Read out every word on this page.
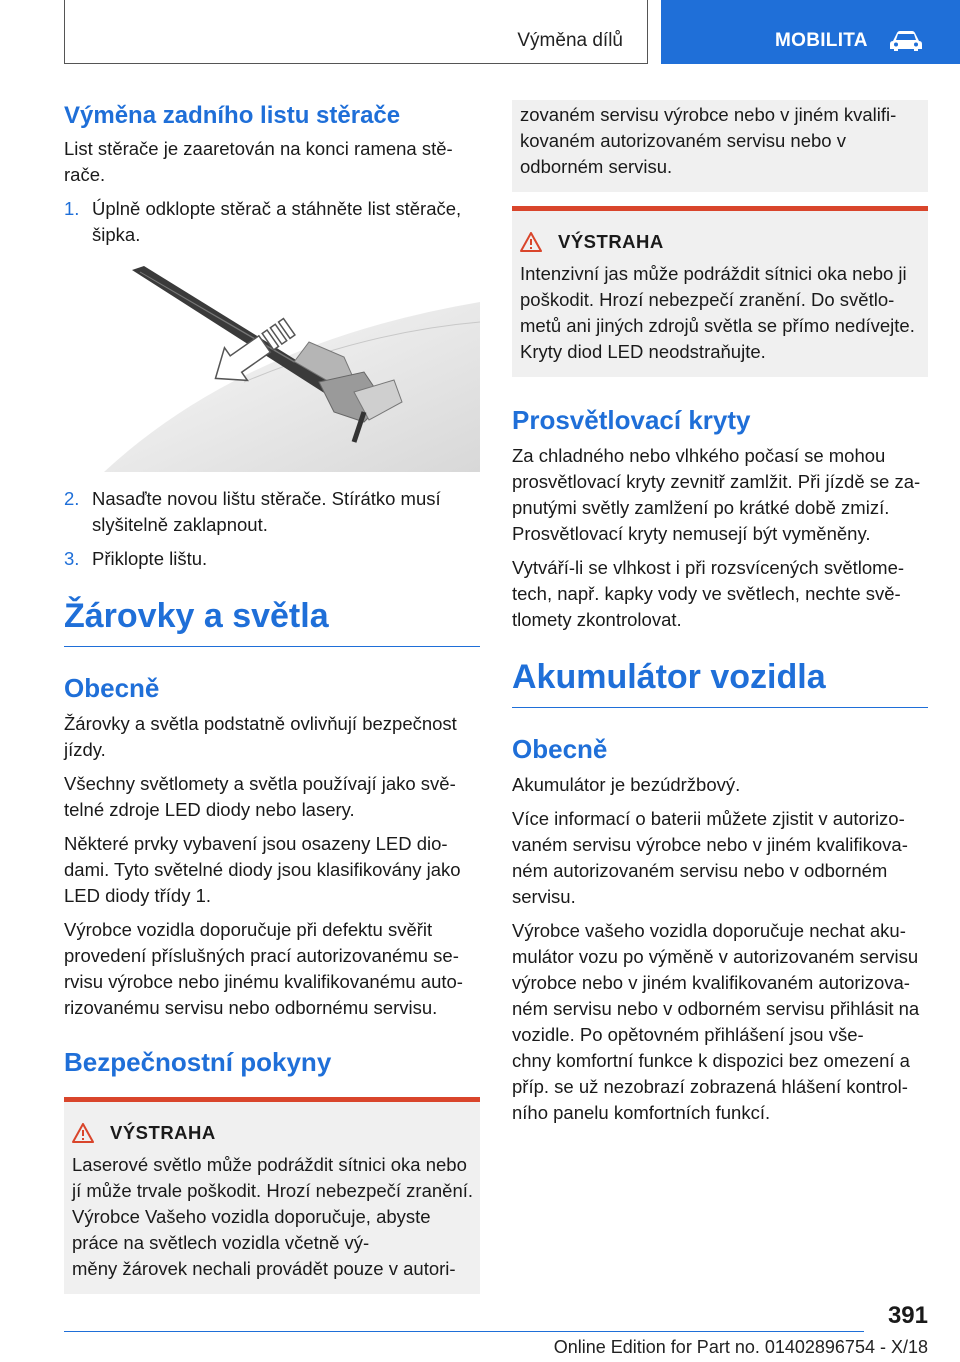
Výměna dílů	MOBILITA
Výměna zadního listu stěrače

List stěrače je zaaretován na konci ramena stě-
rače.

1. Úplně odklopte stěrač a stáhněte list stěrače, šipka.
2. Nasaďte novou lištu stěrače. Stírátko musí slyšitelně zaklapnout.
3. Přiklopte lištu.
Žárovky a světla
Obecně

Žárovky a světla podstatně ovlivňují bezpečnost jízdy.

Všechny světlomety a světla používají jako svě-
telné zdroje LED diody nebo lasery.

Některé prvky vybavení jsou osazeny LED dio-
dami. Tyto světelné diody jsou klasifikovány jako LED diody třídy 1.

Výrobce vozidla doporučuje při defektu svěřit provedení příslušných prací autorizovanému se-
rvisu výrobce nebo jinému kvalifikovanému auto-
rizovanému servisu nebo odbornému servisu.

Bezpečnostní pokyny
VÝSTRAHA

Laserové světlo může podráždit sítnici oka nebo jí může trvale poškodit. Hrozí nebezpečí zranění. Výrobce Vašeho vozidla doporučuje, abyste práce na světlech vozidla včetně vý-
měny žárovek nechali provádět pouze v autori-

zovaném servisu výrobce nebo v jiném kvalifi-
kovaném autorizovaném servisu nebo v odborném servisu.

VÝSTRAHA

Intenzivní jas může podráždit sítnici oka nebo ji poškodit. Hrozí nebezpečí zranění. Do světlo-
metů ani jiných zdrojů světla se přímo nedívejte. Kryty diod LED neodstraňujte.

Prosvětlovací kryty

Za chladného nebo vlhkého počasí se mohou prosvětlovací kryty zevnitř zamlžit. Při jízdě se za-
pnutými světly zamlžení po krátké době zmizí. Prosvětlovací kryty nemusejí být vyměněny.

Vytváří-li se vlhkost i při rozsvícených světlome-
tech, např. kapky vody ve světlech, nechte svě-
tlomety zkontrolovat.

Akumulátor vozidla
Obecně

Akumulátor je bezúdržbový.

Více informací o baterii můžete zjistit v autorizo-
vaném servisu výrobce nebo v jiném kvalifikova-
ném autorizovaném servisu nebo v odborném servisu.

Výrobce vašeho vozidla doporučuje nechat aku-
mulátor vozu po výměně v autorizovaném servisu výrobce nebo v jiném kvalifikovaném autorizova-
ném servisu nebo v odborném servisu přihlásit na vozidle. Po opětovném přihlášení jsou vše-
chny komfortní funkce k dispozici bez omezení a příp. se už nezobrazí zobrazená hlášení kontrol-
ního panelu komfortních funkcí.

391
Online Edition for Part no. 01402896754 - X/18
